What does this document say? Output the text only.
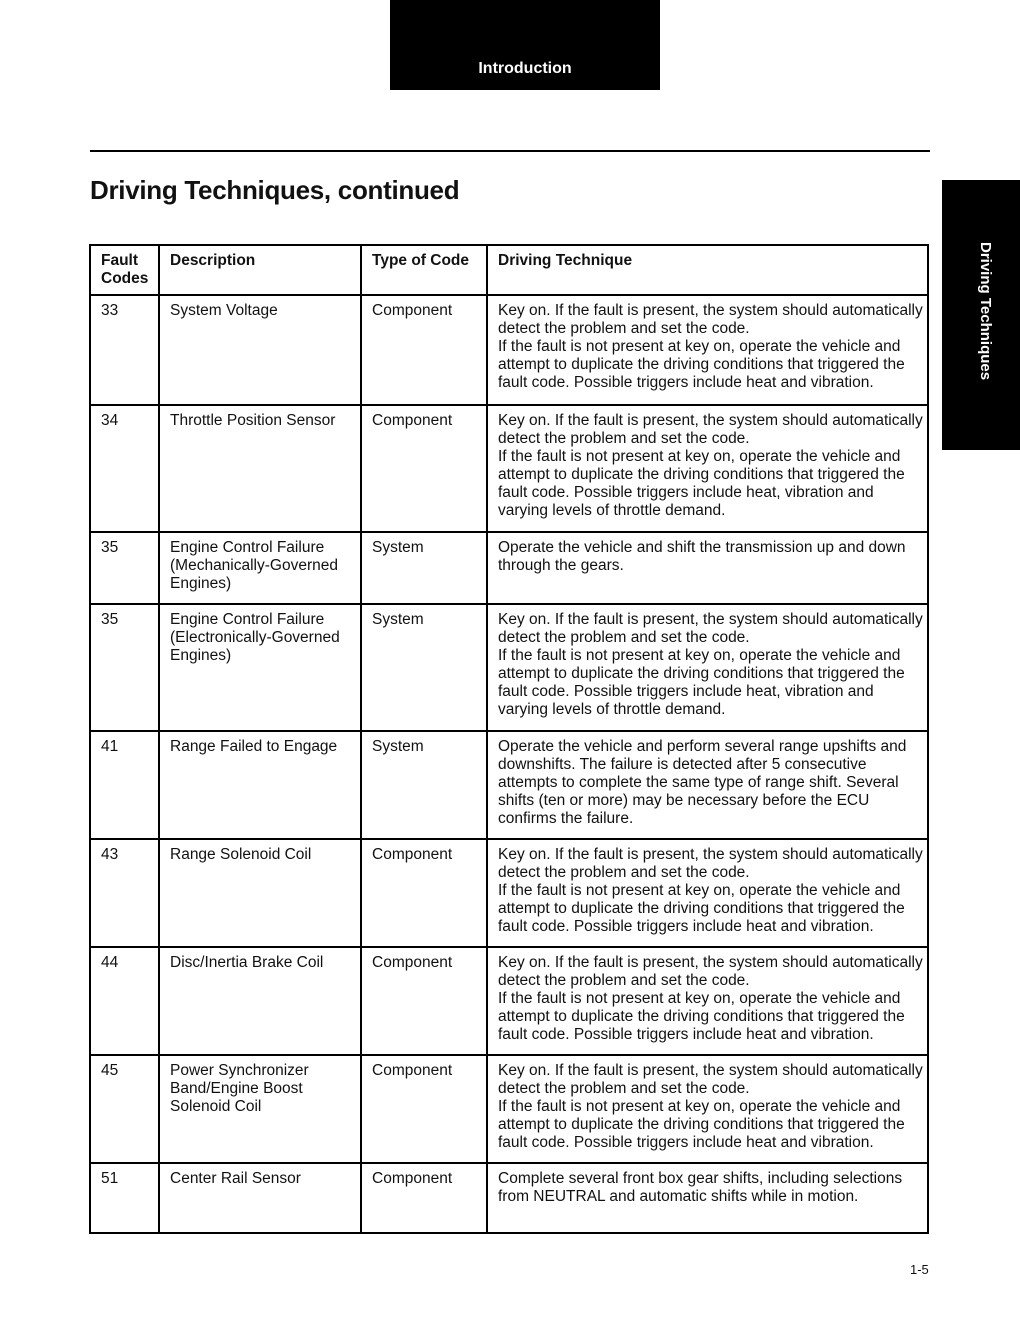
Introduction
Driving Techniques, continued
Driving Techniques
Fault
Codes	Description	Type of Code	Driving Technique
33	System Voltage	Component	Key on. If the fault is present, the system should automatically detect the problem and set the code.
If the fault is not present at key on, operate the vehicle and attempt to duplicate the driving conditions that triggered the fault code. Possible triggers include heat and vibration.

34	Throttle Position Sensor	Component	Key on. If the fault is present, the system should automatically detect the problem and set the code.
If the fault is not present at key on, operate the vehicle and attempt to duplicate the driving conditions that triggered the fault code. Possible triggers include heat, vibration and varying levels of throttle demand.

35	Engine Control Failure (Mechanically-Governed Engines)	System	Operate the vehicle and shift the transmission up and down through the gears.

35	Engine Control Failure (Electronically-Governed Engines)	System	Key on. If the fault is present, the system should automatically detect the problem and set the code.
If the fault is not present at key on, operate the vehicle and attempt to duplicate the driving conditions that triggered the fault code. Possible triggers include heat, vibration and varying levels of throttle demand.

41	Range Failed to Engage	System	Operate the vehicle and perform several range upshifts and downshifts. The failure is detected after 5 consecutive attempts to complete the same type of range shift. Several shifts (ten or more) may be necessary before the ECU confirms the failure.

43	Range Solenoid Coil	Component	Key on. If the fault is present, the system should automatically detect the problem and set the code.
If the fault is not present at key on, operate the vehicle and attempt to duplicate the driving conditions that triggered the fault code. Possible triggers include heat and vibration.

44	Disc/Inertia Brake Coil	Component	Key on. If the fault is present, the system should automatically detect the problem and set the code.
If the fault is not present at key on, operate the vehicle and attempt to duplicate the driving conditions that triggered the fault code. Possible triggers include heat and vibration.

45	Power Synchronizer Band/Engine Boost Solenoid Coil	Component	Key on. If the fault is present, the system should automatically detect the problem and set the code.
If the fault is not present at key on, operate the vehicle and attempt to duplicate the driving conditions that triggered the fault code. Possible triggers include heat and vibration.

51	Center Rail Sensor	Component	Complete several front box gear shifts, including selections from NEUTRAL and automatic shifts while in motion.
1-5
